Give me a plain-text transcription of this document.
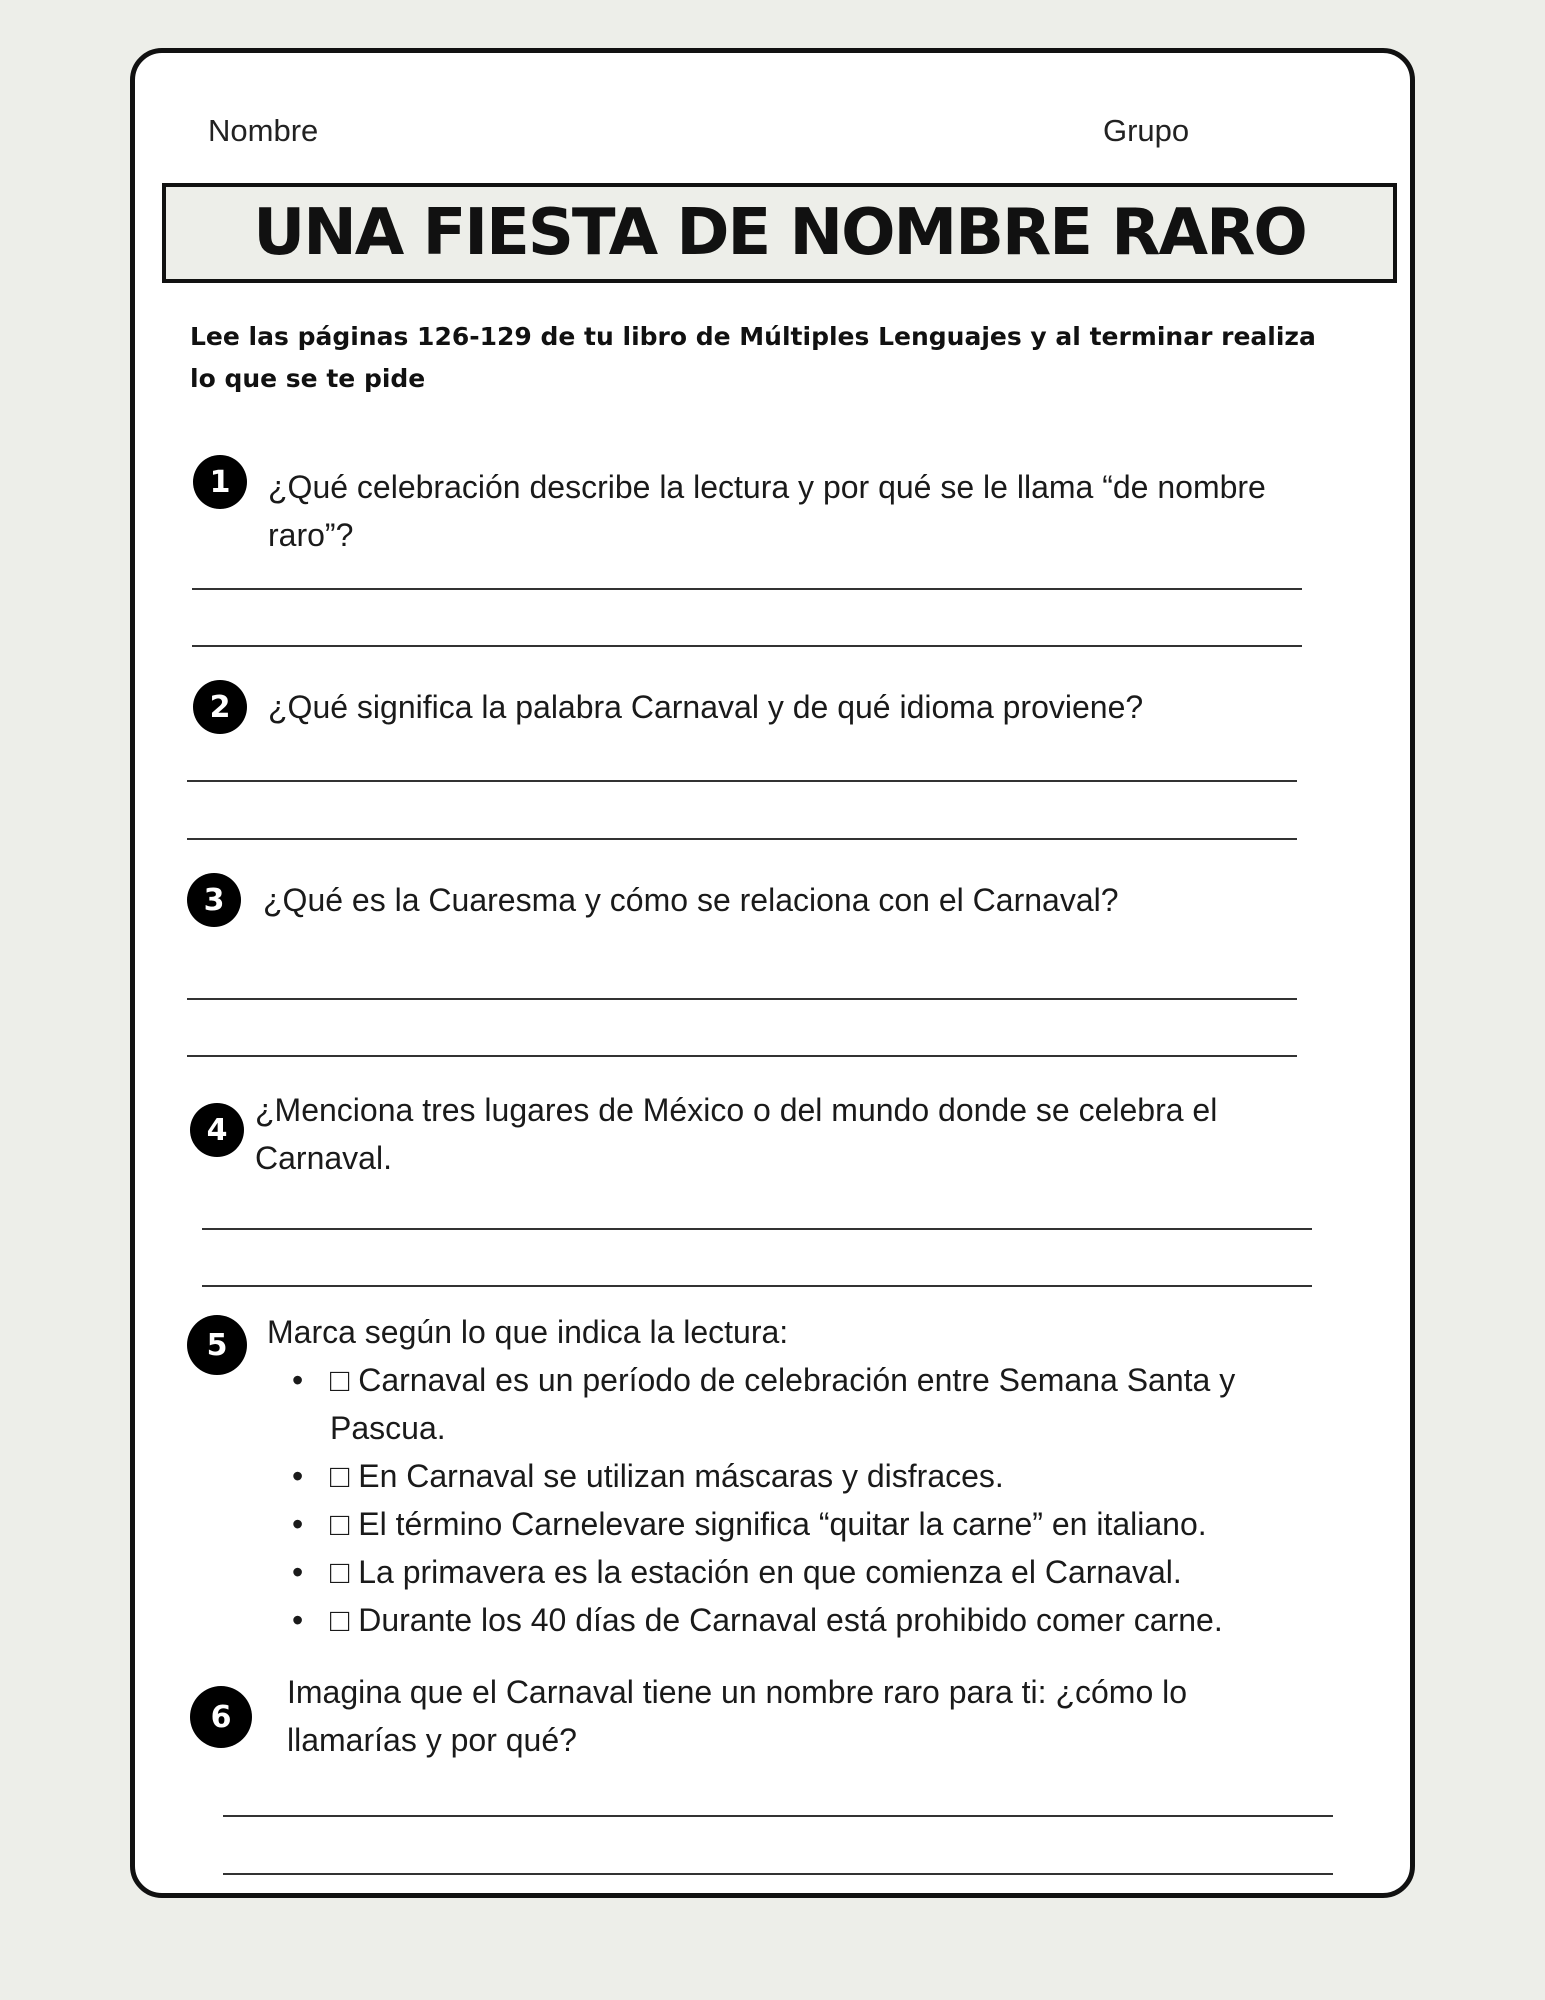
Nombre	Grupo
UNA FIESTA DE NOMBRE RARO

Lee las páginas 126-129 de tu libro de Múltiples Lenguajes y al terminar realiza lo que se te pide

1	¿Qué celebración describe la lectura y por qué se le llama “de nombre raro”?

2	¿Qué significa la palabra Carnaval y de qué idioma proviene?

3	¿Qué es la Cuaresma y cómo se relaciona con el Carnaval?

4

¿Menciona tres lugares de México o del mundo donde se celebra el Carnaval.

5	Marca según lo que indica la lectura:

• □ Carnaval es un período de celebración entre Semana Santa y Pascua.
• □ En Carnaval se utilizan máscaras y disfraces.
• □ El término Carnelevare significa “quitar la carne” en italiano.
• □ La primavera es la estación en que comienza el Carnaval.
• □ Durante los 40 días de Carnaval está prohibido comer carne.
6

Imagina que el Carnaval tiene un nombre raro para ti: ¿cómo lo llamarías y por qué?
